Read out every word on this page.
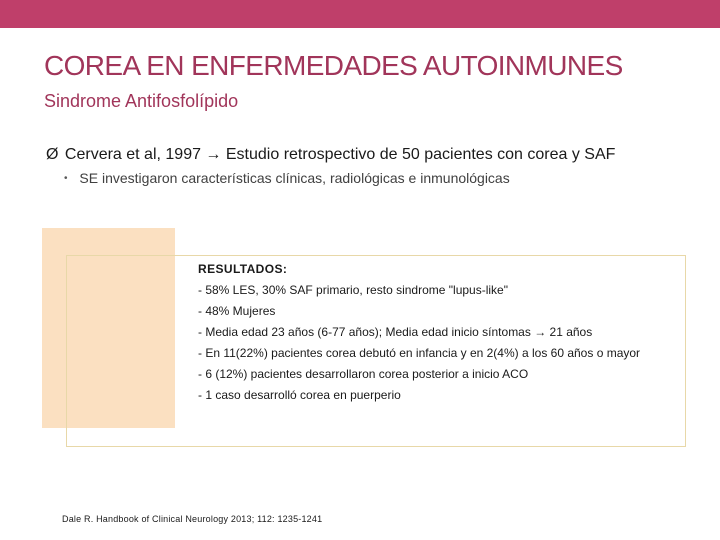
COREA EN ENFERMEDADES AUTOINMUNES
Sindrome Antifosfolípido
Ø Cervera et al, 1997 → Estudio retrospectivo de 50 pacientes con corea y SAF
• SE investigaron características clínicas, radiológicas e inmunológicas
RESULTADOS:
- 58% LES, 30% SAF primario, resto sindrome "lupus-like"
- 48% Mujeres
- Media edad 23 años (6-77 años); Media edad inicio síntomas → 21 años
- En 11(22%) pacientes corea debutó en infancia y en 2(4%) a los 60 años o mayor
- 6 (12%) pacientes desarrollaron corea posterior a inicio ACO
- 1 caso desarrolló corea en puerperio
Dale R. Handbook of Clinical Neurology 2013; 112: 1235-1241
